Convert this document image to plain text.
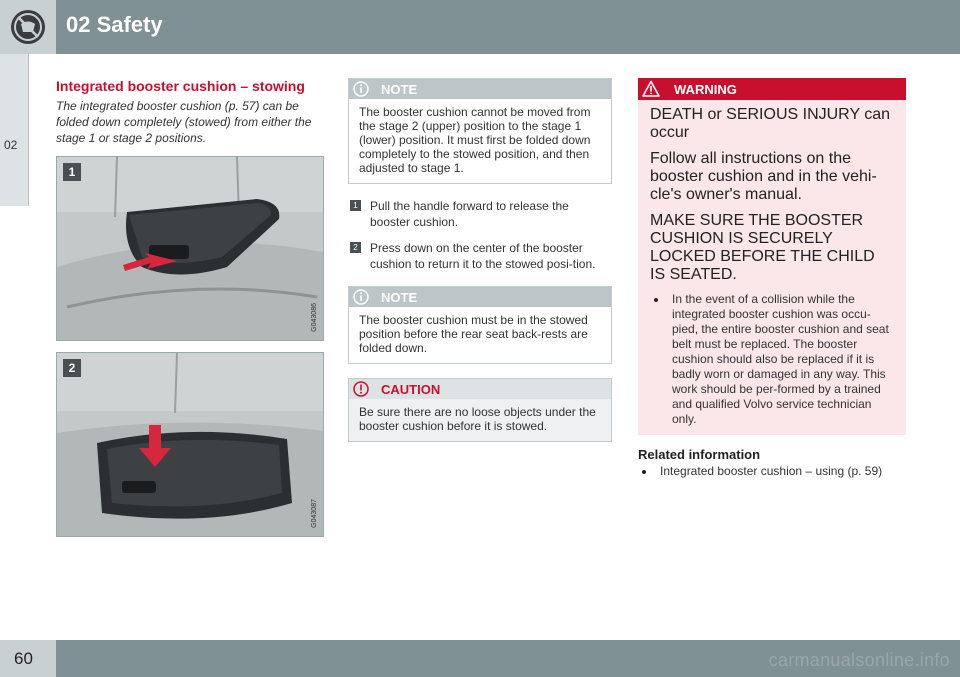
02 Safety
02
Integrated booster cushion – stowing

The integrated booster cushion (p. 57) can be folded down completely (stowed) from either the stage 1 or stage 2 positions.

1
G043086
2
G043087
NOTE
The booster cushion cannot be moved from the stage 2 (upper) position to the stage 1 (lower) position. It must first be folded down completely to the stowed position, and then adjusted to stage 1.
1 Pull the handle forward to release the booster cushion.
2 Press down on the center of the booster cushion to return it to the stowed posi-tion.
NOTE
The booster cushion must be in the stowed position before the rear seat back-rests are folded down.
CAUTION
Be sure there are no loose objects under the booster cushion before it is stowed.
WARNING

DEATH or SERIOUS INJURY can occur

Follow all instructions on the booster cushion and in the vehi-cle's owner's manual.

MAKE SURE THE BOOSTER CUSHION IS SECURELY LOCKED BEFORE THE CHILD IS SEATED.

In the event of a collision while the integrated booster cushion was occu-pied, the entire booster cushion and seat belt must be replaced. The booster cushion should also be replaced if it is badly worn or damaged in any way. This work should be per-formed by a trained and qualified Volvo service technician only.
Related information
Integrated booster cushion – using (p. 59)
60	carmanualsonline.info
